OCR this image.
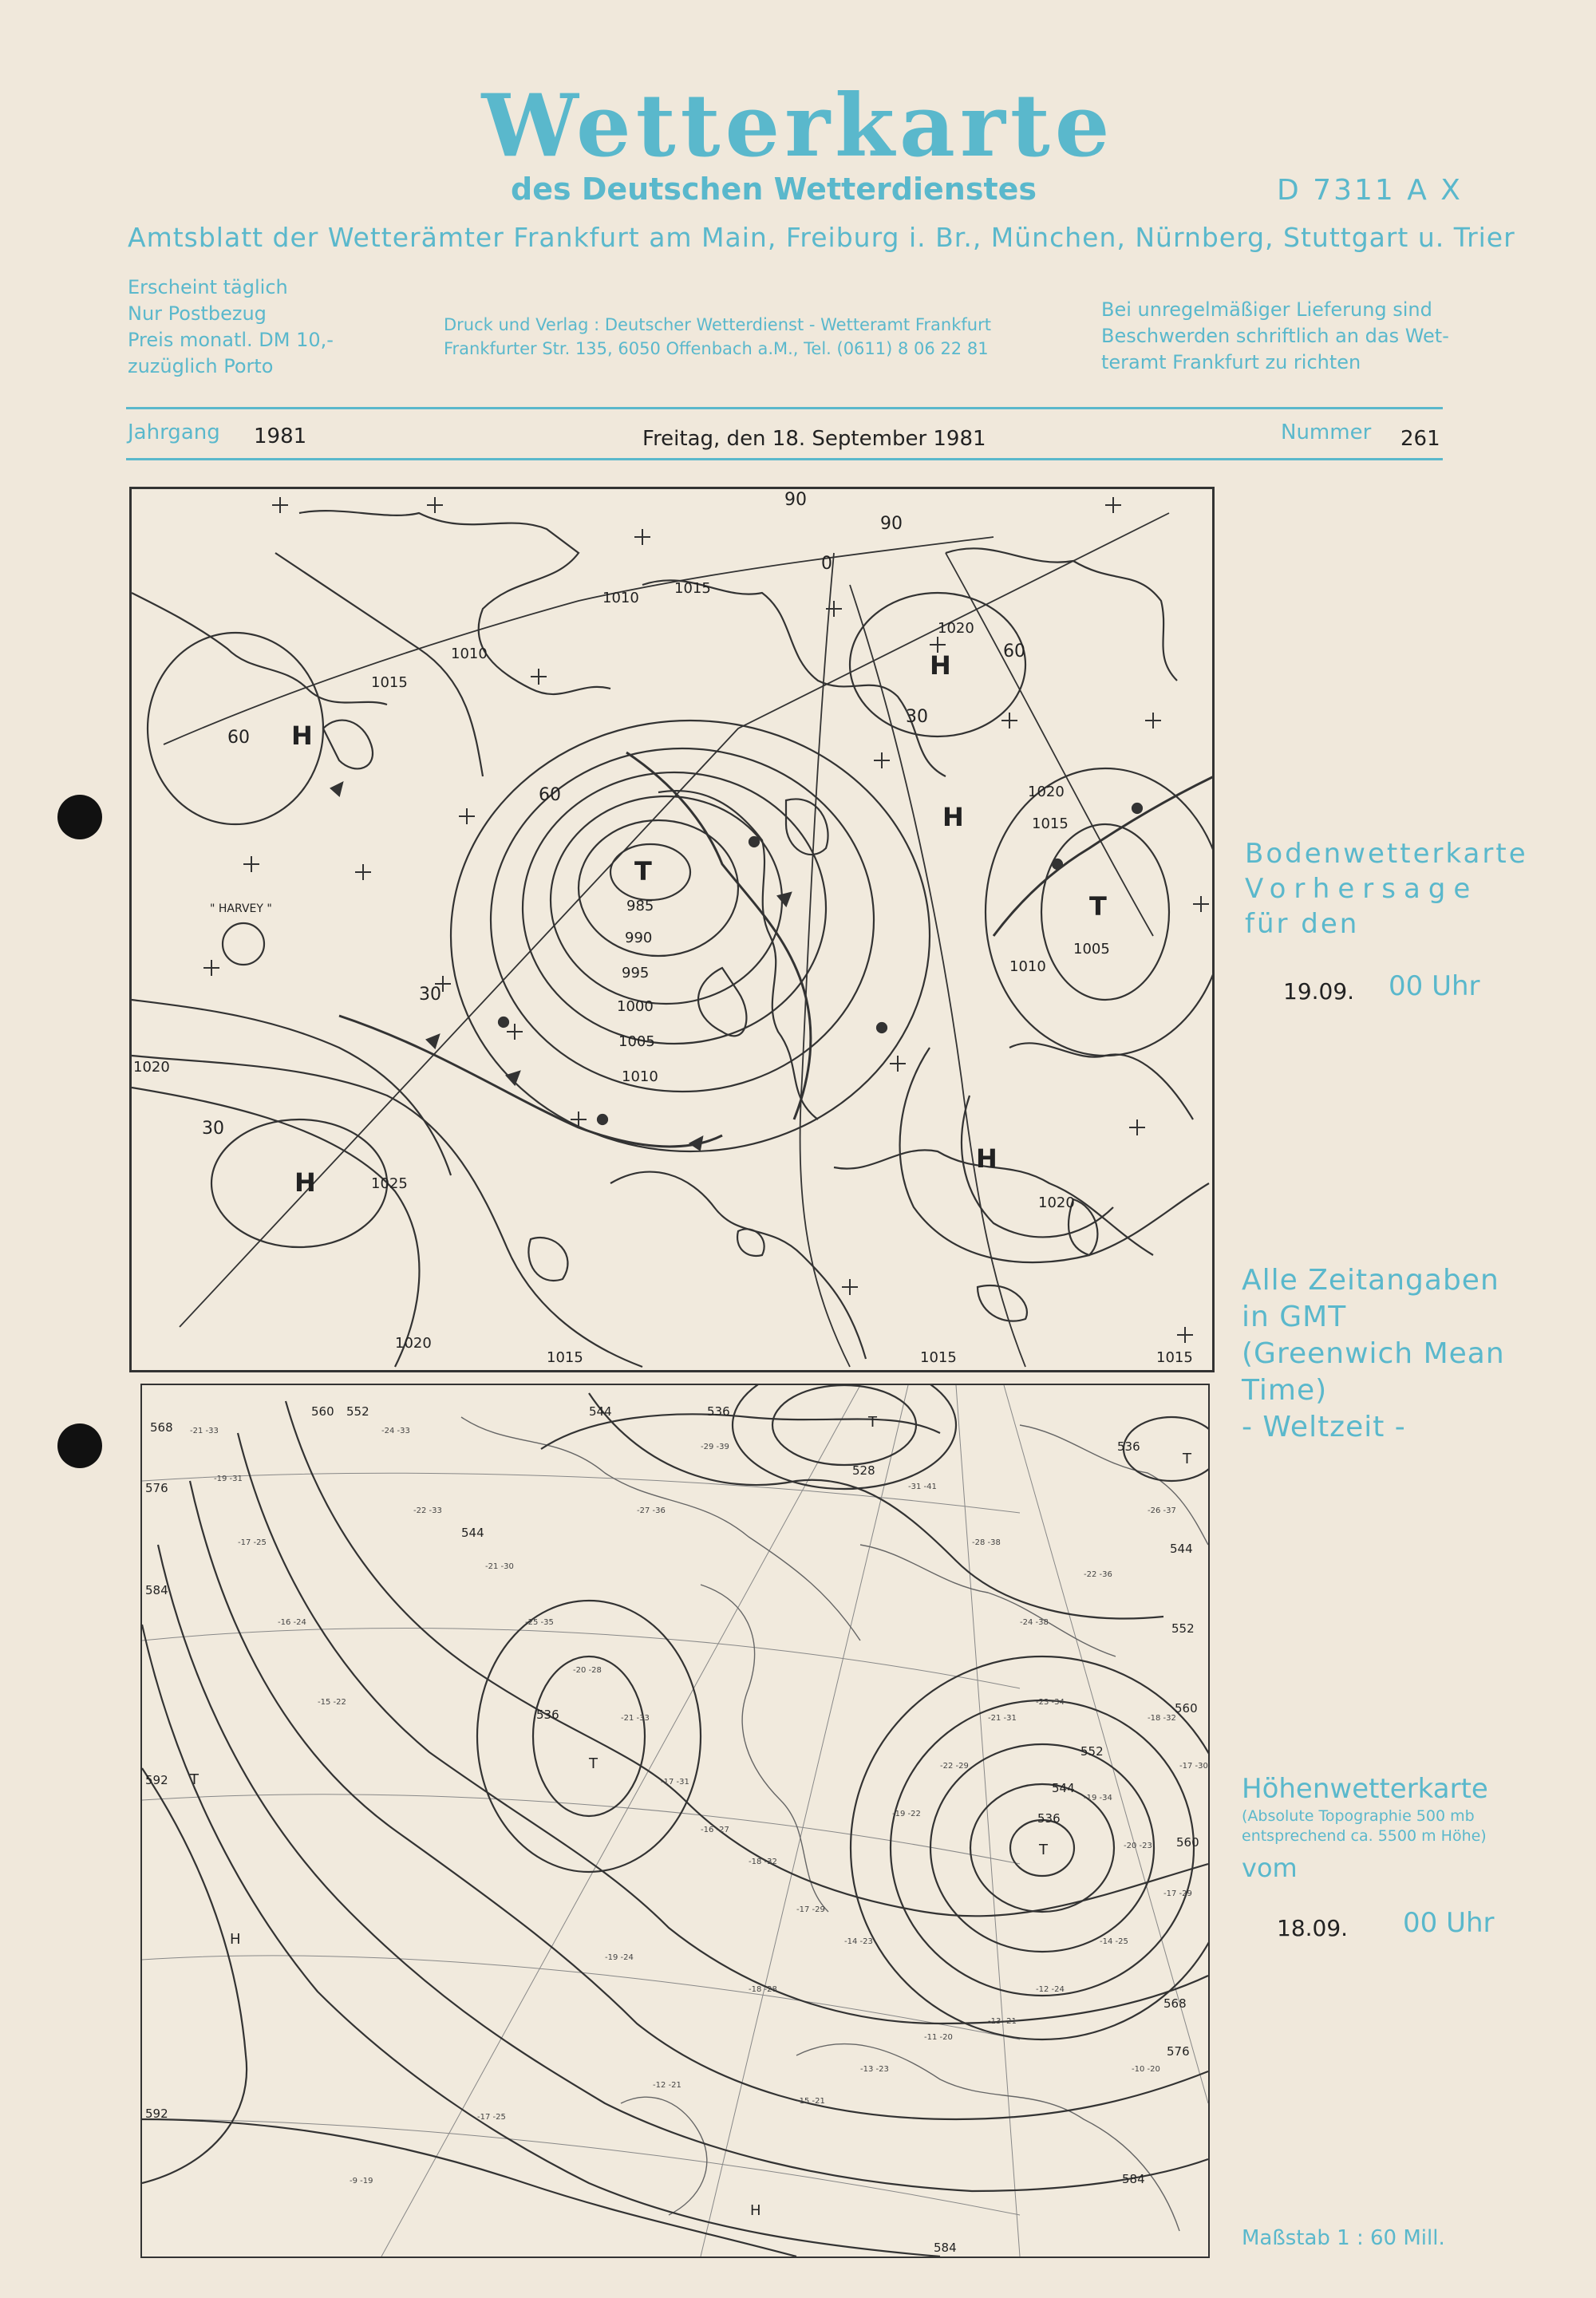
Wetterkarte
des Deutschen Wetterdienstes	D 7311 A X
Amtsblatt der Wetterämter Frankfurt am Main, Freiburg i. Br., München, Nürnberg, Stuttgart u. Trier
Erscheint täglich
Nur Postbezug
Preis monatl. DM 10,-
zuzüglich Porto
Druck und Verlag : Deutscher Wetterdienst - Wetteramt Frankfurt
Frankfurter Str. 135, 6050 Offenbach a.M., Tel. (0611) 8 06 22 81
Bei unregelmäßiger Lieferung sind
Beschwerden schriftlich an das Wet-
teramt Frankfurt zu richten
Jahrgang 1981	Freitag, den 18. September 1981	Nummer 261
1010
1015
1010
1015
1020
985
990
995
1000
1005
1010
1020
1025
1020
1020
1015
1010
1005
1015	1015	1015
1020
60
30
30
60
90
90
0
30
60
H
H
T
H
H
T
H
" HARVEY "
Bodenwetterkarte
Vorhersage
für den
19.09. 00 Uhr
Alle Zeitangaben
in GMT
(Greenwich Mean
Time)
- Weltzeit -
-21 -33
-19 -31
-17 -25
-16 -24
-15 -22
-24 -33
-22 -33
-21 -30
-25 -35
-20 -28
-21 -33
-17 -31
-16 -27
-18 -32
-17 -29
-14 -23
-19 -22
-22 -29
-21 -31
-23 -34
-19 -34
-20 -23
-17 -29
-14 -25
-12 -24
-13 -21
-11 -20
-13 -23
-15 -21
-18 -28
-12 -21
-19 -24
-17 -25
-26 -37
-22 -36
-24 -38
-28 -38
-31 -41
-29 -39
-27 -36
-9 -19
-18 -32
-17 -30
-10 -20
568
560 552	544	536
528
576
584
544
536
592
552
544
536
560
568
576
584
592
584
544
552
560
536
T
T
T
H
H
T
T	Höhenwetterkarte
(Absolute Topographie 500 mb
entsprechend ca. 5500 m Höhe)
vom
18.09. 00 Uhr
Maßstab 1 : 60 Mill.
